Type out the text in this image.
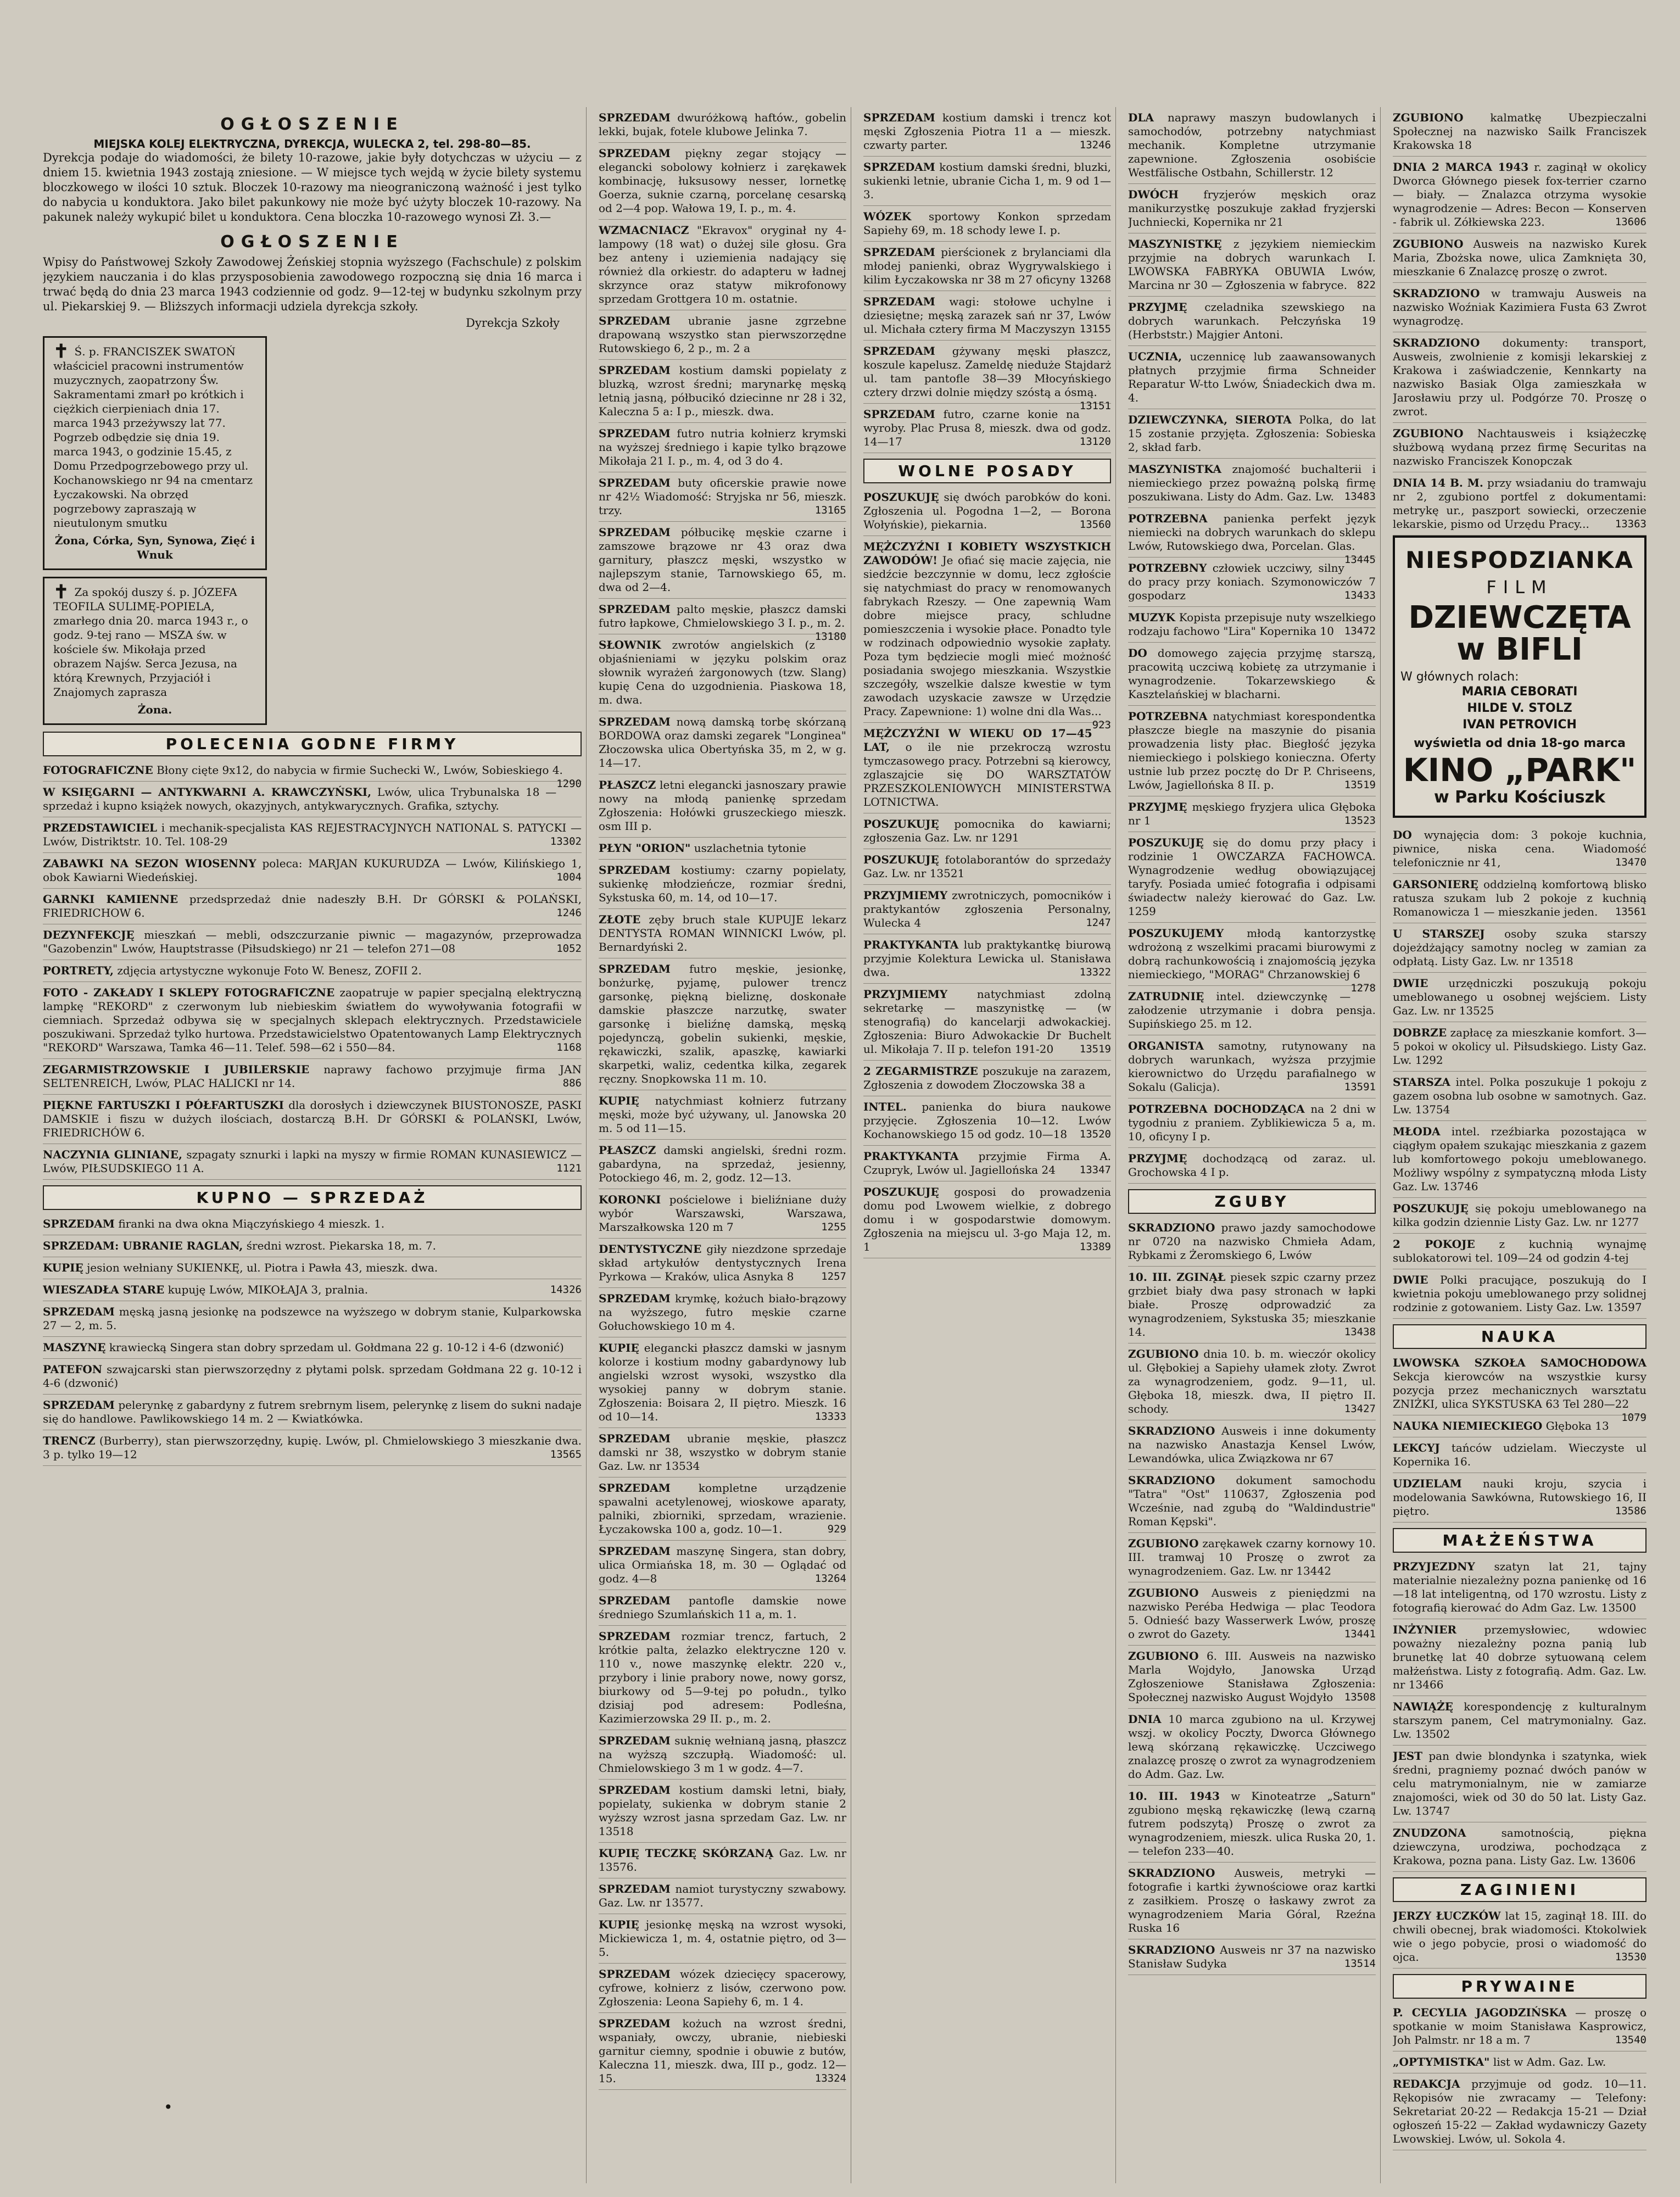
OGŁOSZENIE
MIEJSKA KOLEJ ELEKTRYCZNA, DYREKCJA, WULECKA 2, tel. 298-80—85.
Dyrekcja podaje do wiadomości, że bilety 10-razowe, jakie były dotychczas w użyciu — z dniem 15. kwietnia 1943 zostają zniesione. — W miejsce tych wejdą w życie bilety systemu bloczkowego w ilości 10 sztuk. Bloczek 10-razowy ma nieograniczoną ważność i jest tylko do nabycia u konduktora. Jako bilet pakunkowy nie może być użyty bloczek 10-razowy. Na pakunek należy wykupić bilet u konduktora. Cena bloczka 10-razowego wynosi Zł. 3.—
OGŁOSZENIE
Wpisy do Państwowej Szkoły Zawodowej Żeńskiej stopnia wyższego (Fachschule) z polskim językiem nauczania i do klas przysposobienia zawodowego rozpoczną się dnia 16 marca i trwać będą do dnia 23 marca 1943 codziennie od godz. 9—12-tej w budynku szkolnym przy ul. Piekarskiej 9. — Bliższych informacji udziela dyrekcja szkoły.
Dyrekcja Szkoły
✝ Ś. p. FRANCISZEK SWATOŃ właściciel pracowni instrumentów muzycznych, zaopatrzony Św. Sakramentami zmarł po krótkich i ciężkich cierpieniach dnia 17. marca 1943 przeżywszy lat 77. Pogrzeb odbędzie się dnia 19. marca 1943, o godzinie 15.45, z Domu Przedpogrzebowego przy ul. Kochanowskiego nr 94 na cmentarz Łyczakowski. Na obrzęd pogrzebowy zapraszają w nieutulonym smutku
Żona, Córka, Syn, Synowa, Zięć i Wnuk
✝ Za spokój duszy ś. p. JÓZEFA TEOFILA SULIMĘ-POPIELA, zmarłego dnia 20. marca 1943 r., o godz. 9-tej rano — MSZA św. w kościele św. Mikołaja przed obrazem Najśw. Serca Jezusa, na którą Krewnych, Przyjaciół i Znajomych zaprasza
Żona.
POLECENIA GODNE FIRMY
FOTOGRAFICZNE Błony cięte 9x12, do nabycia w firmie Suchecki W., Lwów, Sobieskiego 4.
1290
W KSIĘGARNI — ANTYKWARNI A. KRAWCZYŃSKI, Lwów, ulica Trybunalska 18 — sprzedaż i kupno książek nowych, okazyjnych, antykwarycznych. Grafika, sztychy.
PRZEDSTAWICIEL i mechanik-specjalista KAS REJESTRACYJNYCH NATIONAL S. PATYCKI — Lwów, Distriktstr. 10. Tel. 108-29	13302
ZABAWKI NA SEZON WIOSENNY poleca: MARJAN KUKURUDZA — Lwów, Kilińskiego 1, obok Kawiarni Wiedeńskiej.	1004
GARNKI KAMIENNE przedsprzedaż dnie nadeszły B.H. Dr GÓRSKI & POLAŃSKI, FRIEDRICHOW 6.	1246
DEZYNFEKCJĘ mieszkań — mebli, odszczurzanie piwnic — magazynów, przeprowadza "Gazobenzin" Lwów, Hauptstrasse (Piłsudskiego) nr 21 — telefon 271—08	1052
PORTRETY, zdjęcia artystyczne wykonuje Foto W. Benesz, ZOFII 2.
FOTO - ZAKŁADY I SKLEPY FOTOGRAFICZNE zaopatruje w papier specjalną elektryczną lampkę "REKORD" z czerwonym lub niebieskim światłem do wywoływania fotografii w ciemniach. Sprzedaż odbywa się w specjalnych sklepach elektrycznych. Przedstawiciele poszukiwani. Sprzedaż tylko hurtowa. Przedstawicielstwo Opatentowanych Lamp Elektrycznych "REKORD" Warszawa, Tamka 46—11. Telef. 598—62 i 550—84.	1168
ZEGARMISTRZOWSKIE I JUBILERSKIE naprawy fachowo przyjmuje firma JAN SELTENREICH, Lwów, PLAC HALICKI nr 14.	886
PIĘKNE FARTUSZKI I PÓŁFARTUSZKI dla dorosłych i dziewczynek BIUSTONOSZE, PASKI DAMSKIE i fiszu w dużych ilościach, dostarczą B.H. Dr GÓRSKI & POLAŃSKI, Lwów, FRIEDRICHÓW 6.
NACZYNIA GLINIANE, szpagaty sznurki i lapki na myszy w firmie ROMAN KUNASIEWICZ — Lwów, PIŁSUDSKIEGO 11 A.	1121
KUPNO — SPRZEDAŻ
SPRZEDAM firanki na dwa okna Miączyńskiego 4 mieszk. 1.
SPRZEDAM: UBRANIE RAGLAN, średni wzrost. Piekarska 18, m. 7.
KUPIĘ jesion wełniany SUKIENKĘ, ul. Piotra i Pawła 43, mieszk. dwa.
WIESZADŁA STARE kupuję Lwów, MIKOŁAJA 3, pralnia.	14326
SPRZEDAM męską jasną jesionkę na podszewce na wyższego w dobrym stanie, Kulparkowska 27 — 2, m. 5.
MASZYNĘ krawiecką Singera stan dobry sprzedam ul. Gołdmana 22 g. 10-12 i 4-6 (dzwonić)
PATEFON szwajcarski stan pierwszorzędny z płytami polsk. sprzedam Gołdmana 22 g. 10-12 i 4-6 (dzwonić)
SPRZEDAM pelerynkę z gabardyny z futrem srebrnym lisem, pelerynkę z lisem do sukni nadaje się do handlowe. Pawlikowskiego 14 m. 2 — Kwiatkówka.
TRENCZ (Burberry), stan pierwszorzędny, kupię. Lwów, pl. Chmielowskiego 3 mieszkanie dwa. 3 p. tylko 19—12	13565
SPRZEDAM dwuróżkową haftów., gobelin lekki, bujak, fotele klubowe Jelinka 7.
SPRZEDAM piękny zegar stojący — elegancki sobolowy kołnierz i zarękawek kombinację, łuksusowy nesser, lornetkę Goerza, suknie czarną, porcelanę cesarską od 2—4 pop. Wałowa 19, I. p., m. 4.
WZMACNIACZ "Ekravox" oryginał ny 4-lampowy (18 wat) o dużej sile głosu. Gra bez anteny i uziemienia nadający się również dla orkiestr. do adapteru w ładnej skrzynce oraz statyw mikrofonowy sprzedam Grottgera 10 m. ostatnie.
SPRZEDAM ubranie jasne zgrzebne drapowaną wszystko stan pierwszorzędne Rutowskiego 6, 2 p., m. 2 a
SPRZEDAM kostium damski popielaty z bluzką, wzrost średni; marynarkę męską letnią jasną, półbucikó dziecinne nr 28 i 32, Kaleczna 5 a: I p., mieszk. dwa.
SPRZEDAM futro nutria kołnierz krymski na wyższej średniego i kapie tylko brązowe Mikołaja 21 I. p., m. 4, od 3 do 4.
SPRZEDAM buty oficerskie prawie nowe nr 42½ Wiadomość: Stryjska nr 56, mieszk. trzy.	13165
SPRZEDAM półbucikę męskie czarne i zamszowe brązowe nr 43 oraz dwa garnitury, płaszcz męski, wszystko w najlepszym stanie, Tarnowskiego 65, m. dwa od 2—4.
SPRZEDAM palto męskie, płaszcz damski futro łapkowe, Chmielowskiego 3 I. p., m. 2.
13180
SŁOWNIK zwrotów angielskich (z objaśnieniami w języku polskim oraz słownik wyrażeń żargonowych (tzw. Slang) kupię Cena do uzgodnienia. Piaskowa 18, m. dwa.
SPRZEDAM nową damską torbę skórzaną BORDOWA oraz damski zegarek "Longinea" Złoczowska ulica Obertyńska 35, m 2, w g. 14—17.
PŁASZCZ letni elegancki jasnoszary prawie nowy na młodą panienkę sprzedam Zgłoszenia: Hołówki gruszeckiego mieszk. osm III p.
PŁYN "ORION" uszlachetnia tytonie
SPRZEDAM kostiumy: czarny popielaty, sukienkę młodzieńcze, rozmiar średni, Sykstuska 60, m. 14, od 10—17.
ZŁOTE zęby bruch stale KUPUJE lekarz DENTYSTA ROMAN WINNICKI Lwów, pl. Bernardyński 2.
SPRZEDAM futro męskie, jesionkę, bonżurkę, pyjamę, pulower trencz garsonkę, piękną bieliznę, doskonałe damskie płaszcze narzutkę, swater garsonkę i bieliźnę damską, męską pojedynczą, gobelin sukienki, męskie, rękawiczki, szalik, apaszkę, kawiarki skarpetki, waliz, cedentka kilka, zegarek ręczny. Snopkowska 11 m. 10.
KUPIĘ natychmiast kołnierz futrzany męski, może być używany, ul. Janowska 20 m. 5 od 11—15.
PŁASZCZ damski angielski, średni rozm. gabardyna, na sprzedaż, jesienny, Potockiego 46, m. 2, godz. 12—13.
KORONKI pościelowe i bieliźniane duży wybór Warszawski, Warszawa, Marszałkowska 120 m 7	1255
DENTYSTYCZNE giły niezdzone sprzedaje skład artykułów dentystycznych Irena Pyrkowa — Kraków, ulica Asnyka 8	1257
SPRZEDAM krymkę, kożuch biało-brązowy na wyższego, futro męskie czarne Gołuchowskiego 10 m 4.
KUPIĘ elegancki płaszcz damski w jasnym kolorze i kostium modny gabardynowy lub angielski wzrost wysoki, wszystko dla wysokiej panny w dobrym stanie. Zgłoszenia: Boisara 2, II piętro. Mieszk. 16 od 10—14.	13333
SPRZEDAM ubranie męskie, płaszcz damski nr 38, wszystko w dobrym stanie Gaz. Lw. nr 13534
SPRZEDAM	kompletne urządzenie spawalni acetylenowej, wioskowe aparaty, palniki, zbiorniki, sprzedam, wrazienie. Łyczakowska 100 a, godz. 10—1.	929
SPRZEDAM maszynę Singera, stan dobry, ulica Ormiańska 18, m. 30 — Oglądać od godz. 4—8	13264
SPRZEDAM pantofle damskie nowe średniego Szumlańskich 11 a, m. 1.
SPRZEDAM rozmiar trencz, fartuch, 2 krótkie palta, żelazko elektryczne 120 v. 110 v., nowe maszynkę elektr. 220 v., przybory i linie prabory nowe, nowy gorsz, biurkowy od 5—9-tej po połudn., tylko dzisiaj pod adresem: Podleśna, Kazimierzowska 29 II. p., m. 2.
SPRZEDAM suknię wełnianą jasną, płaszcz na wyższą szczupłą. Wiadomość: ul. Chmielowskiego 3 m 1 w godz. 4—7.
SPRZEDAM kostium damski letni, biały, popielaty, sukienka w dobrym stanie 2 wyższy wzrost jasna sprzedam Gaz. Lw. nr 13518
KUPIĘ TECZKĘ SKÓRZANĄ Gaz. Lw. nr 13576.
SPRZEDAM namiot turystyczny szwabowy. Gaz. Lw. nr 13577.
KUPIĘ jesionkę męską na wzrost wysoki, Mickiewicza 1, m. 4, ostatnie piętro, od 3—5.
SPRZEDAM wózek dziecięcy spacerowy, cyfrowe, kołnierz z lisów, czerwono pow. Zgłoszenia: Leona Sapiehy 6, m. 1 4.
SPRZEDAM kożuch na wzrost średni, wspaniały, owczy, ubranie, niebieski garnitur ciemny, spodnie i obuwie z butów, Kaleczna 11, mieszk. dwa, III p., godz. 12—15.	13324
SPRZEDAM kostium damski i trencz kot męski Zgłoszenia Piotra 11 a — mieszk. czwarty parter.	13246
SPRZEDAM kostium damski średni, bluzki, sukienki letnie, ubranie Cicha 1, m. 9 od 1—3.
WÓZEK sportowy Konkon sprzedam Sapiehy 69, m. 18 schody lewe I. p.
SPRZEDAM pierścionek z brylanciami dla młodej panienki, obraz Wygrywalskiego i kilim Łyczakowska nr 38 m 27 oficyny 13268
SPRZEDAM wagi: stołowe uchylne i dziesiętne; męską zarazek sań nr 37, Lwów ul. Michała cztery firma M Maczyszyn 13155
SPRZEDAM gżywany męski płaszcz, koszule kapelusz. Zameldę nieduże Stajdarż ul. tam pantofle 38—39 Młocyńskiego cztery drzwi dolnie między szóstą a ósmą.
13151
SPRZEDAM futro, czarne konie na wyroby. Plac Prusa 8, mieszk. dwa od godz. 14—17	13120
WOLNE POSADY
POSZUKUJĘ się dwóch parobków do koni. Zgłoszenia ul. Pogodna 1—2, — Borona Wołyńskie), piekarnia.	13560
MĘŻCZYŹNI I KOBIETY WSZYSTKICH ZAWODÓW! Je ofiać się macie zajęcia, nie siedźcie bezczynnie w domu, lecz zgłoście się natychmiast do pracy w renomowanych fabrykach Rzeszy. — One zapewnią Wam dobre miejsce pracy, schludne pomieszczenia i wysokie płace. Ponadto tyle w rodzinach odpowiednio wysokie zapłaty. Poza tym będziecie mogli mieć możność posiadania swojego mieszkania. Wszystkie szczegóły, wszelkie dalsze kwestie w tym zawodach uzyskacie zawsze w Urzędzie Pracy. Zapewnione: 1) wolne dni dla Was...
923
MĘŻCZYŹNI W WIEKU OD 17—45 LAT, o ile nie przekroczą wzrostu tymczasowego pracy. Potrzebni są kierowcy, zglaszajcie się DO WARSZTATÓW PRZESZKOLENIOWYCH MINISTERSTWA LOTNICTWA.
POSZUKUJĘ pomocnika do kawiarni; zgłoszenia Gaz. Lw. nr 1291
POSZUKUJĘ fotolaborantów do sprzedaży Gaz. Lw. nr 13521
PRZYJMIEMY zwrotniczych, pomocników i praktykantów zgłoszenia Personalny, Wulecka 4	1247
PRAKTYKANTA lub praktykantkę biurową przyjmie Kolektura Lewicka ul. Stanisława dwa.	13322
PRZYJMIEMY	natychmiast zdolną sekretarkę — maszynistkę — (w stenografią) do kancelarji adwokackiej. Zgłoszenia: Biuro Adwokackie Dr Buchelt ul. Mikołaja 7. II p. telefon 191-20	13519
2 ZEGARMISTRZE poszukuje na zarazem, Zgłoszenia z dowodem Złoczowska 38 a
INTEL. panienka do biura naukowe przyjęcie. Zgłoszenia 10—12. Lwów Kochanowskiego 15 od godz. 10—18 13520
PRAKTYKANTA przyjmie Firma A. Czupryk, Lwów ul. Jagiellońska 24 13347
POSZUKUJĘ gosposi do prowadzenia domu pod Lwowem wielkie, z dobrego domu i w gospodarstwie domowym. Zgłoszenia na miejscu ul. 3-go Maja 12, m. 1	13389
DLA naprawy maszyn budowlanych i samochodów, potrzebny natychmiast mechanik. Kompletne utrzymanie zapewnione. Zgłoszenia osobiście Westfälische Ostbahn, Schillerstr. 12
DWÓCH fryzjerów męskich oraz manikurzystkę poszukuje zakład fryzjerski Juchniecki, Kopernika nr 21
MASZYNISTKĘ z językiem niemieckim przyjmie na dobrych warunkach I. LWOWSKA FABRYKA OBUWIA Lwów, Marcina nr 30 — Zgłoszenia w fabryce. 822
PRZYJMĘ czeladnika szewskiego na dobrych warunkach. Pełczyńska 19 (Herbststr.) Majgier Antoni.
UCZNIA, uczennicę lub zaawansowanych płatnych przyjmie firma Schneider Reparatur W-tto Lwów, Śniadeckich dwa m. 4.
DZIEWCZYNKA, SIEROTA Polka, do lat 15 zostanie przyjęta. Zgłoszenia: Sobieska 2, skład farb.
MASZYNISTKA znajomość buchalterii i niemieckiego przez poważną polską firmę poszukiwana. Listy do Adm. Gaz. Lw. 13483
POTRZEBNA panienka perfekt język niemiecki na dobrych warunkach do sklepu Lwów, Rutowskiego dwa, Porcelan. Glas.
13445
POTRZEBNY człowiek uczciwy, silny do pracy przy koniach. Szymonowiczów 7 gospodarz	13433
MUZYK Kopista przepisuje nuty wszelkiego rodzaju fachowo "Lira" Kopernika 10 13472
DO domowego zajęcia przyjmę starszą, pracowitą uczciwą kobietę za utrzymanie i wynagrodzenie. Tokarzewskiego & Kasztelańskiej w blacharni.
POTRZEBNA natychmiast korespondentka płaszcze biegle na maszynie do pisania prowadzenia listy płac. Biegłość języka niemieckiego i polskiego konieczna. Oferty ustnie lub przez pocztę do Dr P. Chriseens, Lwów, Jagiellońska 8 II. p.	13519
PRZYJMĘ męskiego fryzjera ulica Głęboka nr 1	13523
POSZUKUJĘ się do domu przy płacy i rodzinie 1 OWCZARZA FACHOWCA. Wynagrodzenie według obowiązującej taryfy. Posiada umieć fotografia i odpisami świadectw należy kierować do Gaz. Lw. 1259
POSZUKUJEMY młodą kantorzystkę wdrożoną z wszelkimi pracami biurowymi z dobrą rachunkowością i znajomością języka niemieckiego, "MORAG" Chrzanowskiej 6
1278
ZATRUDNIĘ intel. dziewczynkę — załodzenie utrzymanie i dobra pensja. Supińskiego 25. m 12.
ORGANISTA samotny, rutynowany na dobrych warunkach, wyższa przyjmie kierownictwo do Urzędu parafialnego w Sokalu (Galicja).	13591
POTRZEBNA DOCHODZĄCA na 2 dni w tygodniu z praniem. Zyblikiewicza 5 a, m. 10, oficyny I p.
PRZYJMĘ dochodzącą od zaraz. ul. Grochowska 4 I p.
ZGUBY
SKRADZIONO prawo jazdy samochodowe nr 0720 na nazwisko Chmieła Adam, Rybkami z Żeromskiego 6, Lwów
10. III. ZGINĄŁ piesek szpic czarny przez grzbiet biały dwa pasy stronach w łapki białe. Proszę odprowadzić za wynagrodzeniem, Sykstuska 35; mieszkanie 14.	13438
ZGUBIONO dnia 10. b. m. wieczór okolicy ul. Głębokiej a Sapiehy ułamek złoty. Zwrot za wynagrodzeniem, godz. 9—11, ul. Głęboka 18, mieszk. dwa, II piętro II. schody.	13427
SKRADZIONO Ausweis i inne dokumenty na nazwisko Anastazja Kensel Lwów, Lewandówka, ulica Związkowa nr 67
SKRADZIONO dokument samochodu "Tatra" "Ost" 110637, Zgłoszenia pod Wcześnie, nad zgubą do "Waldindustrie" Roman Kępski".
ZGUBIONO zarękawek czarny kornowy 10. III. tramwaj 10 Proszę o zwrot za wynagrodzeniem. Gaz. Lw. nr 13442
ZGUBIONO Ausweis z pieniędzmi na nazwisko Peréba Hedwiga — plac Teodora 5. Odnieść bazy Wasserwerk Lwów, proszę o zwrot do Gazety.	13441
ZGUBIONO 6. III. Ausweis na nazwisko Marla Wojdyło, Janowska Urząd Zgłoszeniowe Stanisława Zgłoszenia: Społecznej nazwisko August Wojdyło 13508
DNIA 10 marca zgubiono na ul. Krzywej wszj. w okolicy Poczty, Dworca Głównego lewą skórzaną rękawiczkę. Uczciwego znalazcę proszę o zwrot za wynagrodzeniem do Adm. Gaz. Lw.
10. III. 1943 w Kinoteatrze „Saturn" zgubiono męską rękawiczkę (lewą czarną futrem podszytą) Proszę o zwrot za wynagrodzeniem, mieszk. ulica Ruska 20, 1. — telefon 233—40.
SKRADZIONO Ausweis, metryki — fotografie i kartki żywnościowe oraz kartki z zasiłkiem. Proszę o łaskawy zwrot za wynagrodzeniem Maria Góral, Rzeźna Ruska 16
SKRADZIONO Ausweis nr 37 na nazwisko Stanisław Sudyka	13514
ZGUBIONO kalmatkę Ubezpieczalni Społecznej na nazwisko Sailk Franciszek Krakowska 18
DNIA 2 MARCA 1943 r. zaginął w okolicy Dworca Głównego piesek fox-terrier czarno — biały. — Znalazca otrzyma wysokie wynagrodzenie — Adres: Becon — Konserven - fabrik ul. Zółkiewska 223.	13606
ZGUBIONO Ausweis na nazwisko Kurek Maria, Zbożska nowe, ulica Zamknięta 30, mieszkanie 6 Znalazcę proszę o zwrot.
SKRADZIONO w tramwaju Ausweis na nazwisko Woźniak Kazimiera Fusta 63 Zwrot wynagrodzę.
SKRADZIONO dokumenty: transport, Ausweis, zwolnienie z komisji lekarskiej z Krakowa i zaświadczenie, Kennkarty na nazwisko Basiak Olga zamieszkała w Jarosławiu przy ul. Podgórze 70. Proszę o zwrot.
ZGUBIONO Nachtausweis i książeczkę służbową wydaną przez firmę Securitas na nazwisko Franciszek Konopczak
DNIA 14 B. M. przy wsiadaniu do tramwaju nr 2, zgubiono portfel z dokumentami: metrykę ur., paszport sowiecki, orzeczenie lekarskie, pismo od Urzędu Pracy... 13363
NIESPODZIANKA
FILM
DZIEWCZĘTA w BIFLI
W głównych rolach:
MARIA CEBORATI
HILDE V. STOLZ
IVAN PETROVICH
wyświetla od dnia 18-go marca
KINO „PARK"
w Parku Kościuszk
DO wynajęcia dom: 3 pokoje kuchnia, piwnice, niska cena. Wiadomość telefonicznie nr 41,	13470
GARSONIERĘ oddzielną komfortową blisko ratusza szukam lub 2 pokoje z kuchnią Romanowicza 1 — mieszkanie jeden. 13561
U STARSZEJ osoby szuka starszy dojeżdżający samotny nocleg w zamian za odpłatą. Listy Gaz. Lw. nr 13518
DWIE urzędniczki poszukują pokoju umeblowanego u osobnej wejściem. Listy Gaz. Lw. nr 13525
DOBRZE zapłacę za mieszkanie komfort. 3—5 pokoi w okolicy ul. Piłsudskiego. Listy Gaz. Lw. 1292
STARSZA intel. Polka poszukuje 1 pokoju z gazem osobna lub osobne w samotnych. Gaz. Lw. 13754
MŁODA intel. rzeźbiarka pozostająca w ciągłym opałem szukając mieszkania z gazem lub komfortowego pokoju umeblowanego. Możliwy wspólny z sympatyczną młoda Listy Gaz. Lw. 13746
POSZUKUJĘ się pokoju umeblowanego na kilka godzin dziennie Listy Gaz. Lw. nr 1277
2 POKOJE z kuchnią wynajmę sublokatorowi tel. 109—24 od godzin 4-tej
DWIE Polki pracujące, poszukują do I kwietnia pokoju umeblowanego przy solidnej rodzinie z gotowaniem. Listy Gaz. Lw. 13597
NAUKA
LWOWSKA SZKOŁA SAMOCHODOWA Sekcja kierowców na wszystkie kursy pozycja przez mechanicznych warsztatu ZNIŻKI, ulica SYKSTUSKA 63 Tel 280—22
1079
NAUKA NIEMIECKIEGO Głęboka 13
LEKCYJ tańców udzielam. Wieczyste ul Kopernika 16.
UDZIELAM nauki kroju, szycia i modelowania Sawkówna, Rutowskiego 16, II piętro.	13586
MAŁŻEŃSTWA
PRZYJEZDNY szatyn lat 21, tajny materialnie niezależny pozna panienkę od 16—18 lat inteligentną, od 170 wzrostu. Listy z fotografią kierować do Adm Gaz. Lw. 13500
INŻYNIER	przemysłowiec, wdowiec poważny niezależny pozna panią lub brunetkę lat 40 dobrze sytuowaną celem małżeństwa. Listy z fotografią. Adm. Gaz. Lw. nr 13466
NAWIĄŻĘ korespondencję z kulturalnym starszym panem, Cel matrymonialny. Gaz. Lw. 13502
JEST pan dwie blondynka i szatynka, wiek średni, pragniemy poznać dwóch panów w celu matrymonialnym, nie w zamiarze znajomości, wiek od 30 do 50 lat. Listy Gaz. Lw. 13747
ZNUDZONA	samotnością, piękna dziewczyna, urodziwa, pochodząca z Krakowa, pozna pana. Listy Gaz. Lw. 13606
ZAGINIENI
JERZY ŁUCZKÓW lat 15, zaginął 18. III. do chwili obecnej, brak wiadomości. Ktokolwiek wie o jego pobycie, prosi o wiadomość do ojca.	13530
PRYWAINE
P. CECYLIA JAGODZIŃSKA — proszę o spotkanie w moim Stanisława Kasprowicz, Joh Palmstr. nr 18 a m. 7	13540
„OPTYMISTKA" list w Adm. Gaz. Lw.
REDAKCJA przyjmuje od godz. 10—11. Rękopisów nie zwracamy — Telefony: Sekretariat 20-22 — Redakcja 15-21 — Dział ogłoszeń 15-22 — Zakład wydawniczy Gazety Lwowskiej. Lwów, ul. Sokola 4.
•
